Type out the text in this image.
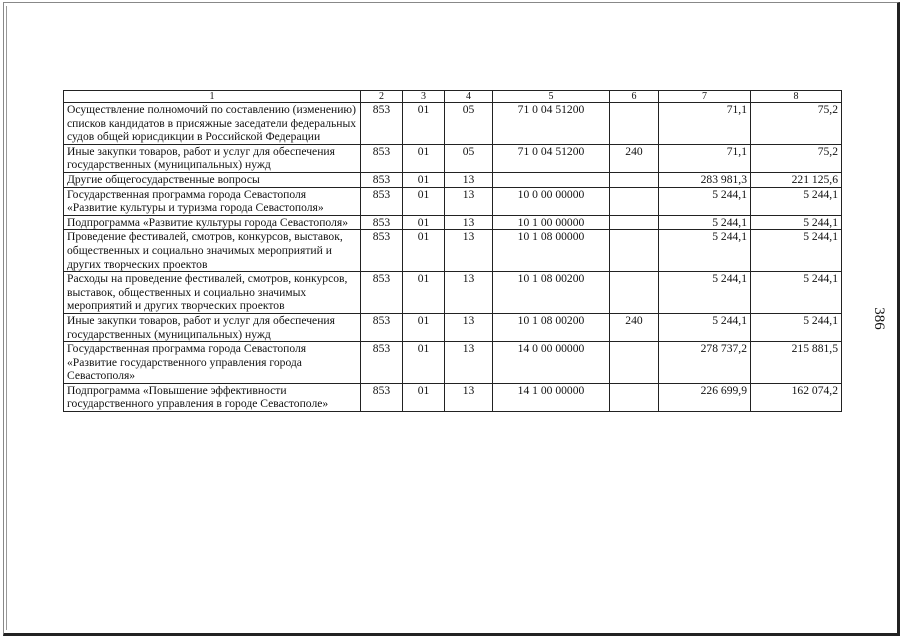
1	2	3	4	5	6	7	8
Осуществление полномочий по составлению (изменению) списков кандидатов в присяжные заседатели федеральных судов общей юрисдикции в Российской Федерации	853	01	05	71 0 04 51200		71,1	75,2
Иные закупки товаров, работ и услуг для обеспечения государственных (муниципальных) нужд	853	01	05	71 0 04 51200	240	71,1	75,2
Другие общегосударственные вопросы	853	01	13			283 981,3	221 125,6
Государственная программа города Севастополя «Развитие культуры и туризма города Севастополя»	853	01	13	10 0 00 00000		5 244,1	5 244,1
Подпрограмма «Развитие культуры города Севастополя»	853	01	13	10 1 00 00000		5 244,1	5 244,1
Проведение фестивалей, смотров, конкурсов, выставок, общественных и социально значимых мероприятий и других творческих проектов	853	01	13	10 1 08 00000		5 244,1	5 244,1
Расходы на проведение фестивалей, смотров, конкурсов, выставок, общественных и социально значимых мероприятий и других творческих проектов	853	01	13	10 1 08 00200		5 244,1	5 244,1
Иные закупки товаров, работ и услуг для обеспечения государственных (муниципальных) нужд	853	01	13	10 1 08 00200	240	5 244,1	5 244,1
Государственная программа города Севастополя «Развитие государственного управления города Севастополя»	853	01	13	14 0 00 00000		278 737,2	215 881,5
Подпрограмма «Повышение эффективности государственного управления в городе Севастополе»	853	01	13	14 1 00 00000		226 699,9	162 074,2
386
